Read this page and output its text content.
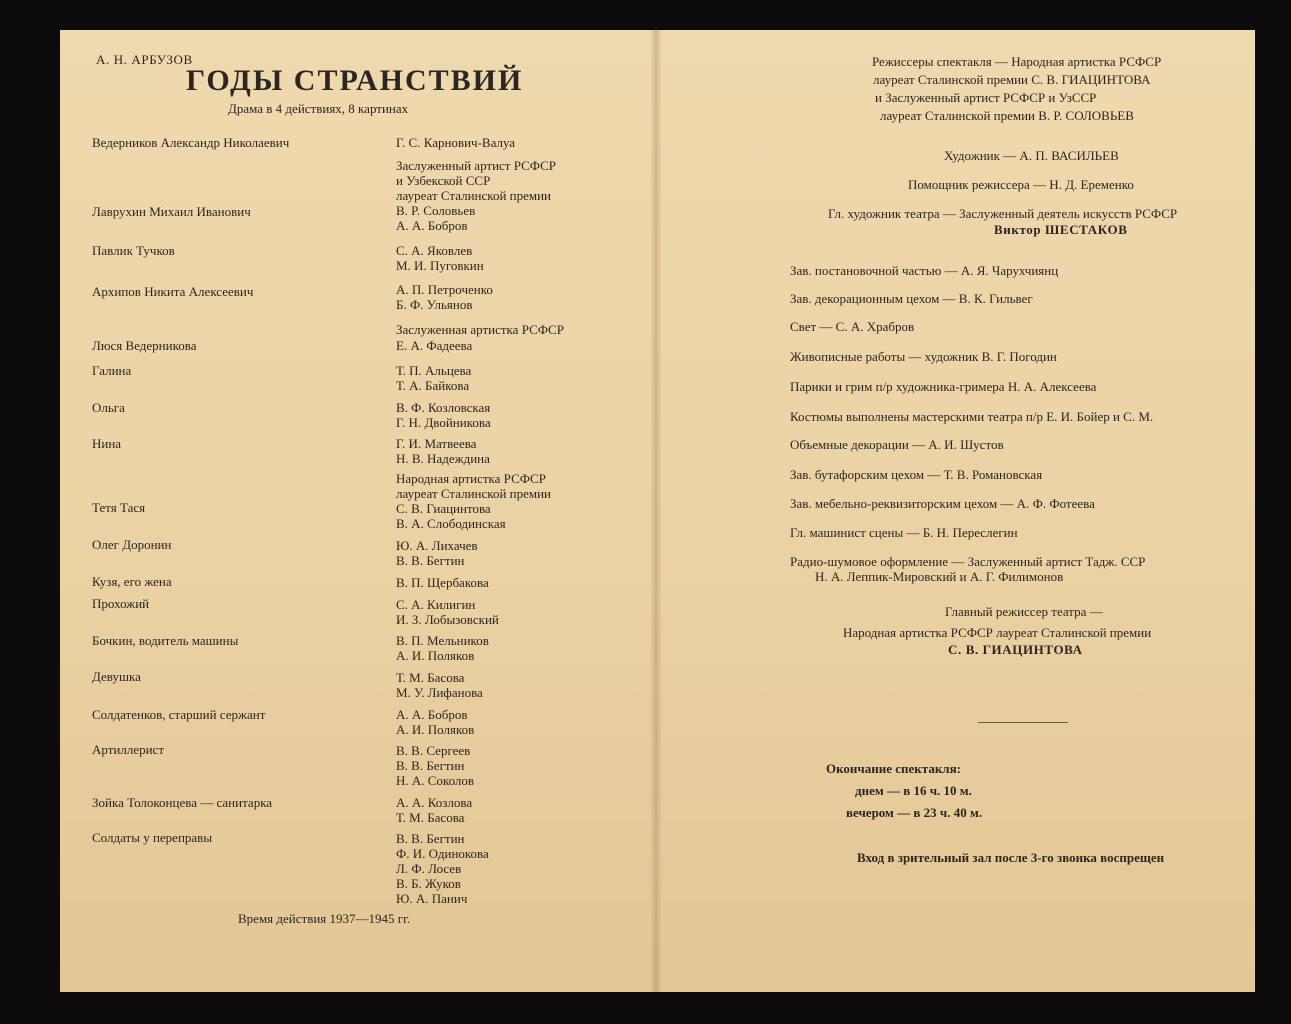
А. Н. АРБУЗОВ
ГОДЫ СТРАНСТВИЙ
Драма в 4 действиях, 8 картинах
Ведерников Александр Николаевич
Лаврухин Михаил Иванович
Павлик Тучков
Архипов Никита Алексеевич
Люся Ведерникова
Галина
Ольга
Нина
Тетя Тася
Олег Доронин
Кузя, его жена
Прохожий
Бочкин, водитель машины
Девушка
Солдатенков, старший сержант
Артиллерист
Зойка Толоконцева — санитарка
Солдаты у переправы
Г. С. Карнович-Валуа
Заслуженный артист РСФСР
и Узбекской ССР
лауреат Сталинской премии
В. Р. Соловьев
А. А. Бобров
С. А. Яковлев
М. И. Пуговкин
А. П. Петроченко
Б. Ф. Ульянов
Заслуженная артистка РСФСР
Е. А. Фадеева
Т. П. Альцева
Т. А. Байкова
В. Ф. Козловская
Г. Н. Двойникова
Г. И. Матвеева
Н. В. Надеждина
Народная артистка РСФСР
лауреат Сталинской премии
С. В. Гиацинтова
В. А. Слободинская
Ю. А. Лихачев
В. В. Бегтин
В. П. Щербакова
С. А. Килигин
И. З. Лобызовский
В. П. Мельников
А. И. Поляков
Т. М. Басова
М. У. Лифанова
А. А. Бобров
А. И. Поляков
В. В. Сергеев
В. В. Бегтин
Н. А. Соколов
А. А. Козлова
Т. М. Басова
В. В. Бегтин
Ф. И. Одинокова
Л. Ф. Лосев
В. Б. Жуков
Ю. А. Панич
Время действия 1937—1945 гг.
Режиссеры спектакля — Народная артистка РСФСР
лауреат Сталинской премии С. В. ГИАЦИНТОВА
и Заслуженный артист РСФСР и УзССР
лауреат Сталинской премии В. Р. СОЛОВЬЕВ
Художник — А. П. ВАСИЛЬЕВ
Помощник режиссера — Н. Д. Еременко
Гл. художник театра — Заслуженный деятель искусств РСФСР
Виктор ШЕСТАКОВ
Зав. постановочной частью — А. Я. Чарухчиянц
Зав. декорационным цехом — В. К. Гильвег
Свет — С. А. Храбров
Живописные работы — художник В. Г. Погодин
Парики и грим п/р художника-гримера Н. А. Алексеева
Костюмы выполнены мастерскими театра п/р Е. И. Бойер и С. М.
Объемные декорации — А. И. Шустов
Зав. бутафорским цехом — Т. В. Романовская
Зав. мебельно-реквизиторским цехом — А. Ф. Фотеева
Гл. машинист сцены — Б. Н. Переслегин
Радио-шумовое оформление — Заслуженный артист Тадж. ССР
Н. А. Леппик-Мировский и А. Г. Филимонов
Главный режиссер театра —
Народная артистка РСФСР лауреат Сталинской премии
С. В. ГИАЦИНТОВА
Окончание спектакля:
днем — в 16 ч. 10 м.
вечером — в 23 ч. 40 м.
Вход в зрительный зал после 3-го звонка воспрещен
